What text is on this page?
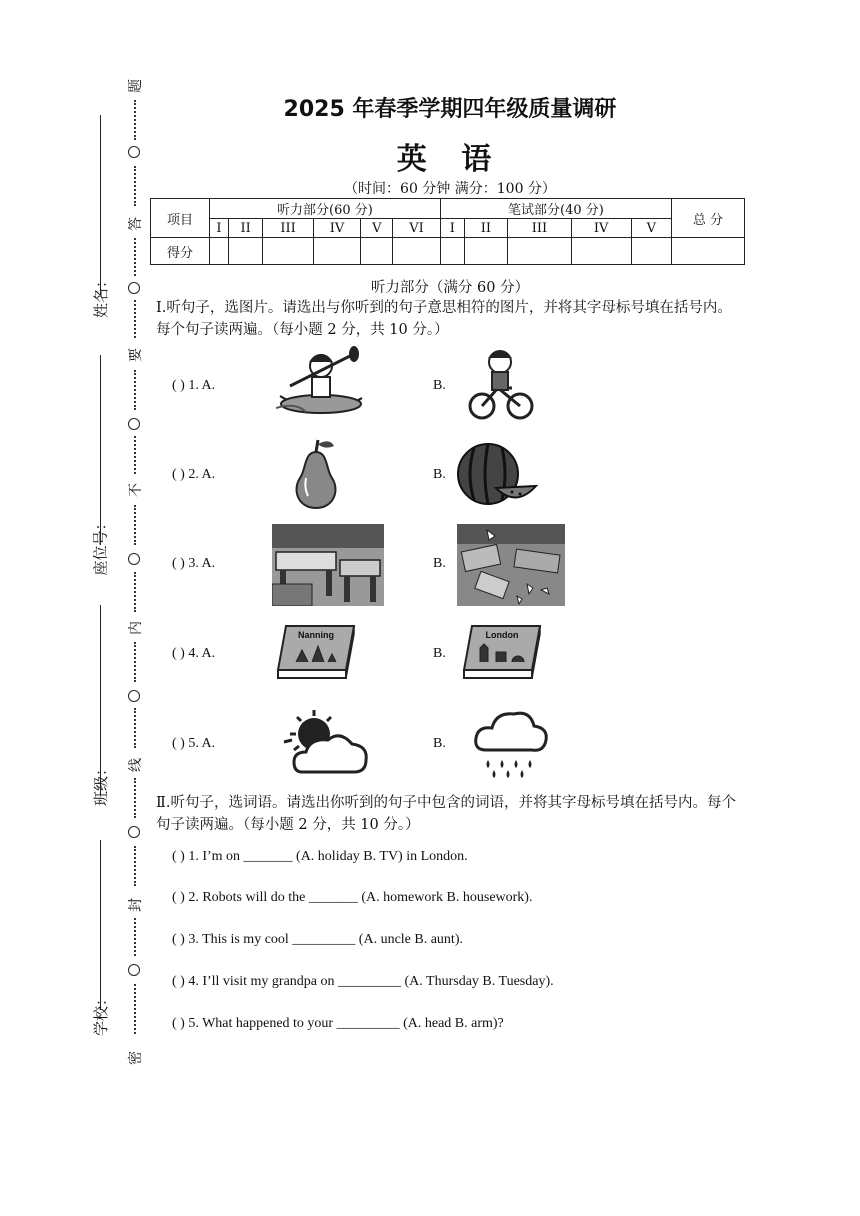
学校：
班级：
座位号：
姓名：
密
封
线
内
不
要
答
题
2025 年春季学期四年级质量调研
英 语
（时间：60 分钟 满分：100 分）
项目	听力部分(60 分)						笔试部分(40 分)					总 分
	I	II	III	IV	V	VI	I	II	III	IV	V	
得分												
听力部分（满分 60 分）
Ⅰ.听句子，选图片。请选出与你听到的句子意思相符的图片，并将其字母标号填在括号内。每个句子读两遍。（每小题 2 分，共 10 分。）
( ) 1. A.	B.
( ) 2. A.	B.
( ) 3. A.	B.
( ) 4. A.
Nanning
B.
London
( ) 5. A.	B.
Ⅱ.听句子，选词语。请选出你听到的句子中包含的词语，并将其字母标号填在括号内。每个句子读两遍。（每小题 2 分，共 10 分。）
( ) 1. I’m on _______ (A. holiday B. TV) in London.
( ) 2. Robots will do the _______ (A. homework B. housework).
( ) 3. This is my cool _________ (A. uncle B. aunt).
( ) 4. I’ll visit my grandpa on _________ (A. Thursday B. Tuesday).
( ) 5. What happened to your _________ (A. head B. arm)?
